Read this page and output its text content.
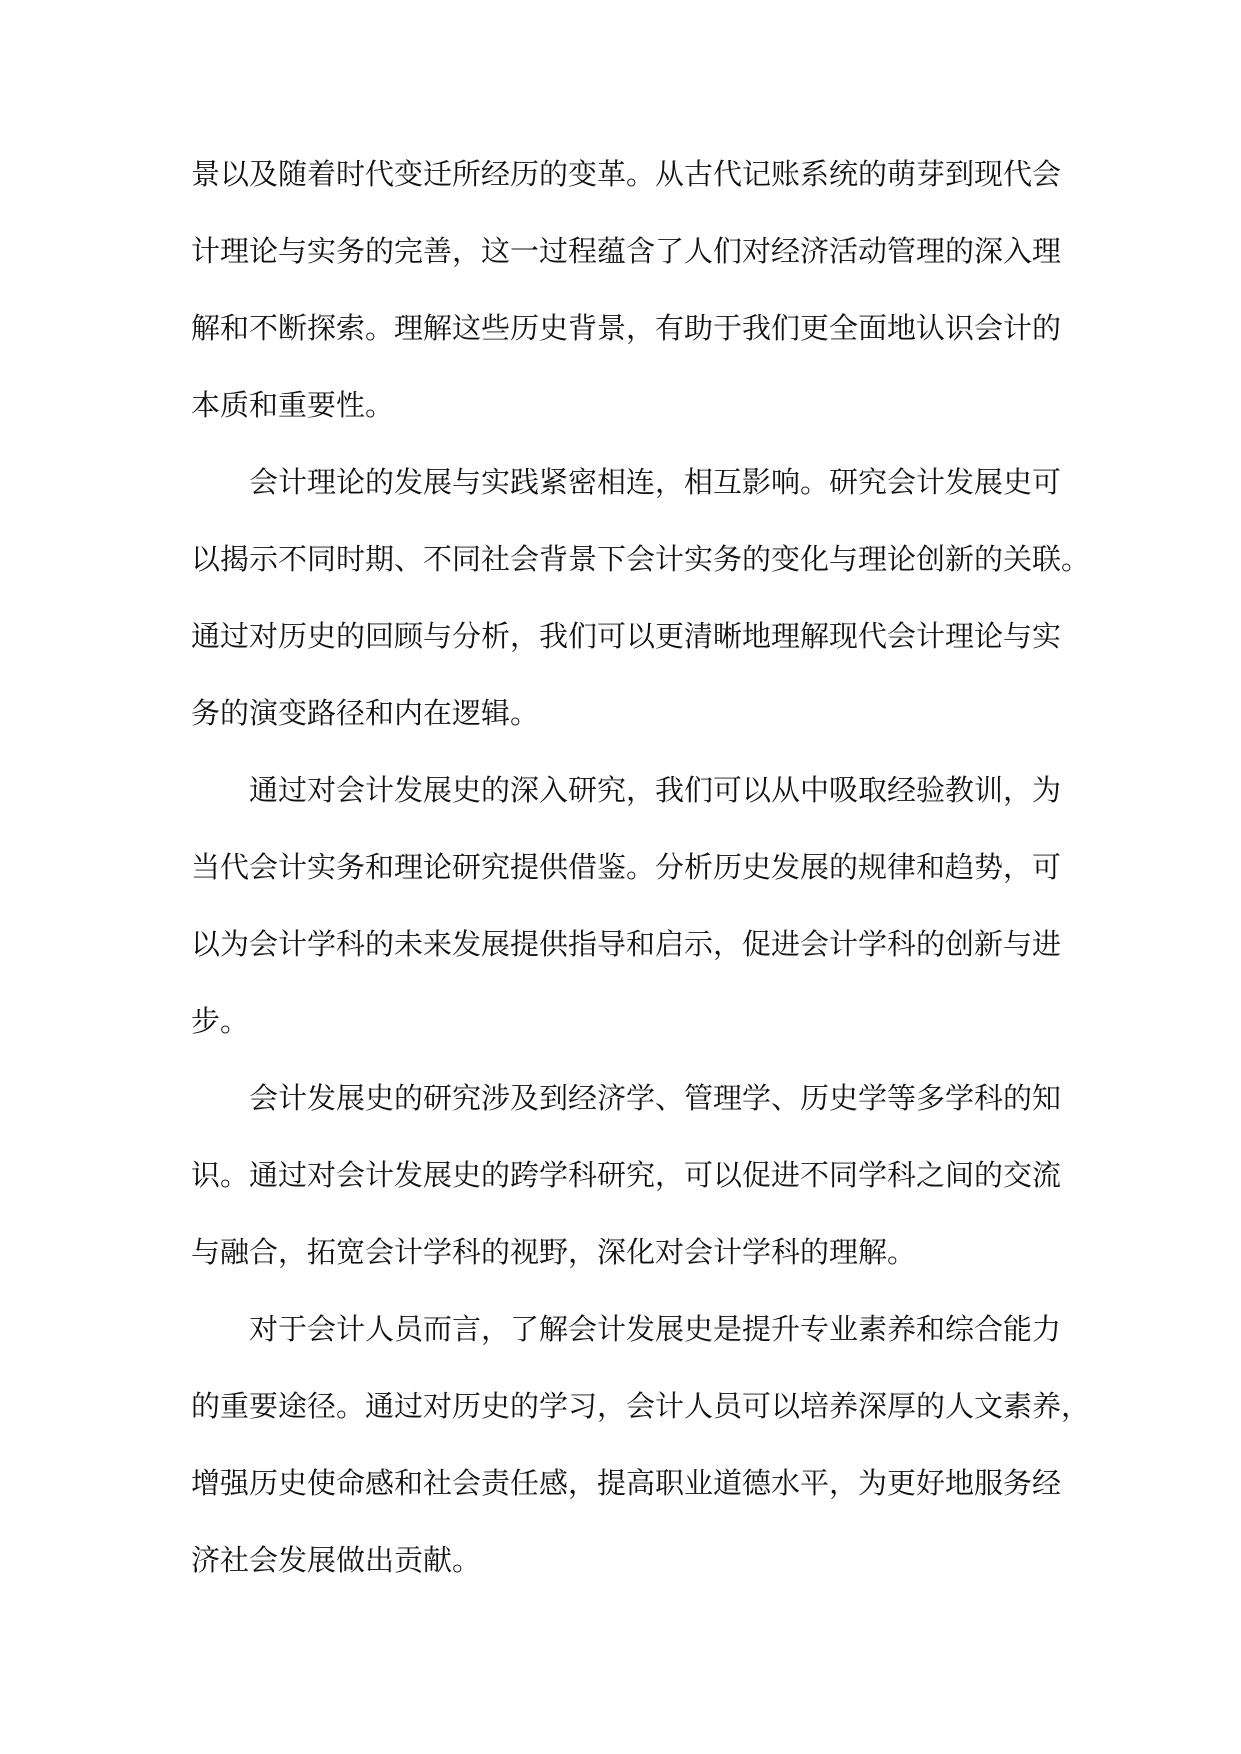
景以及随着时代变迁所经历的变革。从古代记账系统的萌芽到现代会
计理论与实务的完善，这一过程蕴含了人们对经济活动管理的深入理
解和不断探索。理解这些历史背景，有助于我们更全面地认识会计的
本质和重要性。
会计理论的发展与实践紧密相连，相互影响。研究会计发展史可
以揭示不同时期、不同社会背景下会计实务的变化与理论创新的关联。
通过对历史的回顾与分析，我们可以更清晰地理解现代会计理论与实
务的演变路径和内在逻辑。
通过对会计发展史的深入研究，我们可以从中吸取经验教训，为
当代会计实务和理论研究提供借鉴。分析历史发展的规律和趋势，可
以为会计学科的未来发展提供指导和启示，促进会计学科的创新与进
步。
会计发展史的研究涉及到经济学、管理学、历史学等多学科的知
识。通过对会计发展史的跨学科研究，可以促进不同学科之间的交流
与融合，拓宽会计学科的视野，深化对会计学科的理解。
对于会计人员而言，了解会计发展史是提升专业素养和综合能力
的重要途径。通过对历史的学习，会计人员可以培养深厚的人文素养，
增强历史使命感和社会责任感，提高职业道德水平，为更好地服务经
济社会发展做出贡献。
